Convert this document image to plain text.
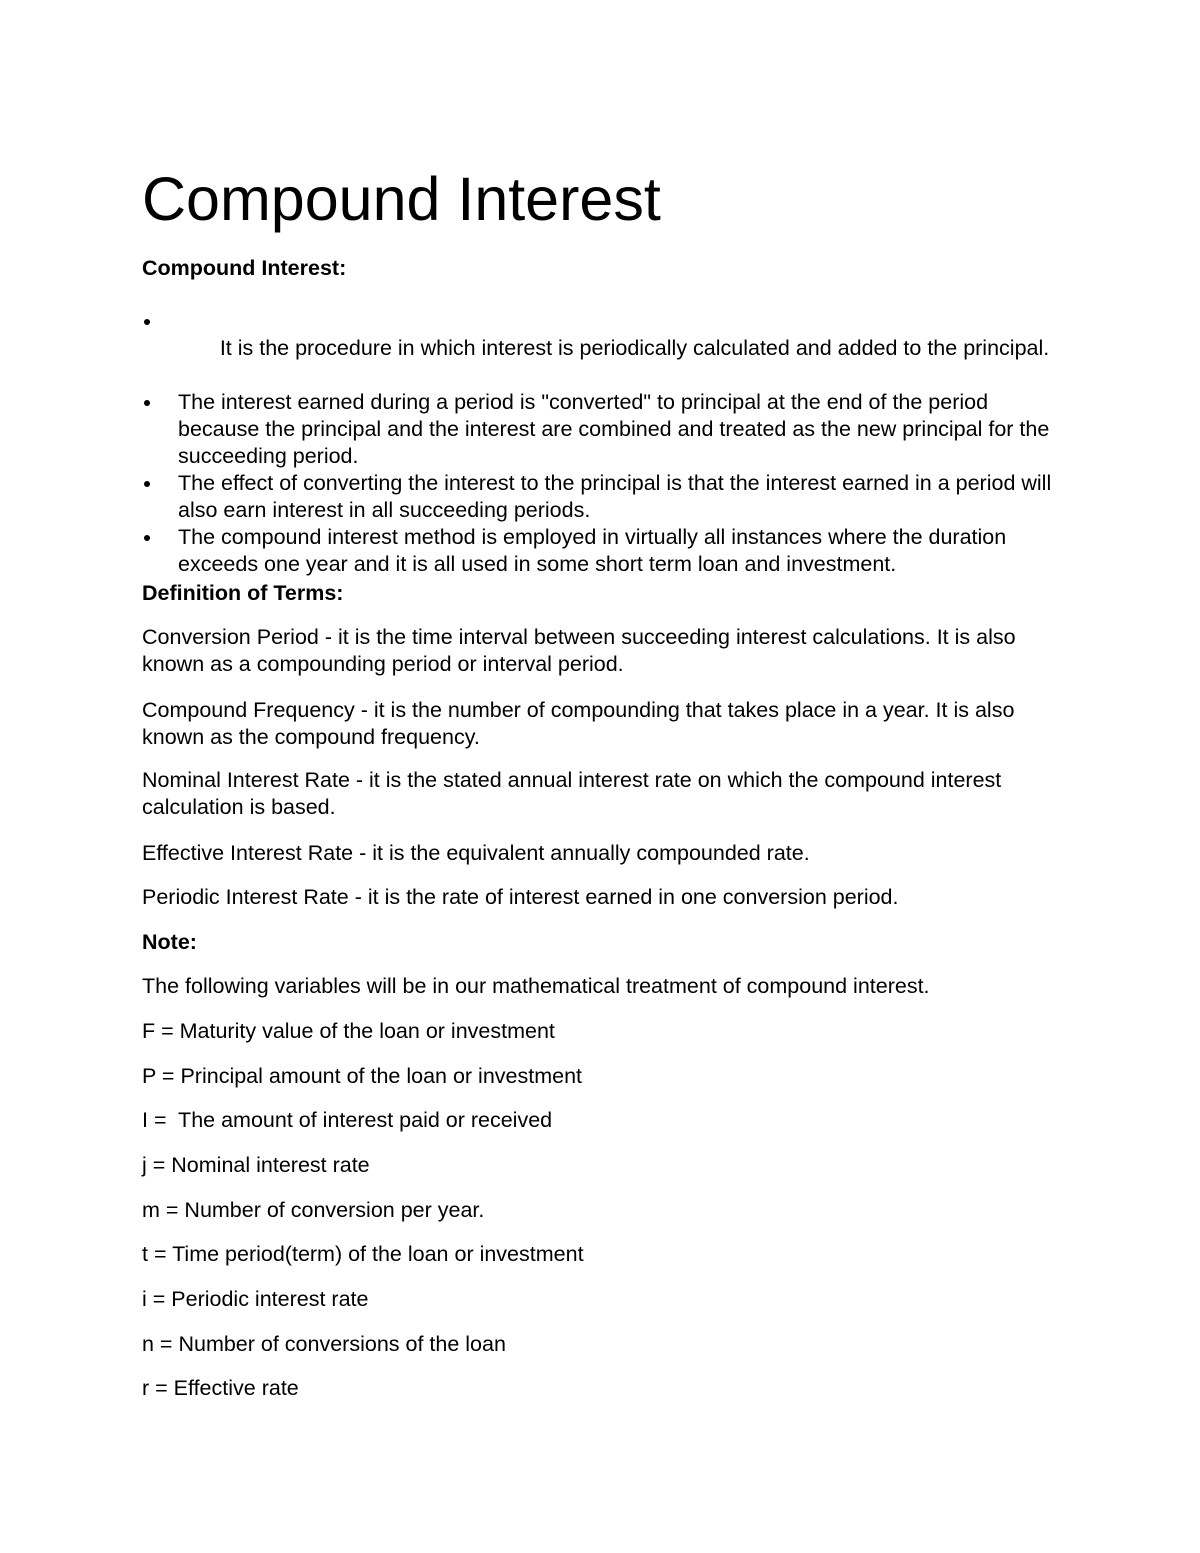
Compound Interest
Compound Interest:

It is the procedure in which interest is periodically calculated and added to the principal.

The interest earned during a period is "converted" to principal at the end of the period because the principal and the interest are combined and treated as the new principal for the succeeding period.
The effect of converting the interest to the principal is that the interest earned in a period will also earn interest in all succeeding periods.
The compound interest method is employed in virtually all instances where the duration exceeds one year and it is all used in some short term loan and investment.
Definition of Terms:

Conversion Period - it is the time interval between succeeding interest calculations. It is also known as a compounding period or interval period.

Compound Frequency - it is the number of compounding that takes place in a year. It is also known as the compound frequency.

Nominal Interest Rate - it is the stated annual interest rate on which the compound interest calculation is based.

Effective Interest Rate - it is the equivalent annually compounded rate.

Periodic Interest Rate - it is the rate of interest earned in one conversion period.

Note:

The following variables will be in our mathematical treatment of compound interest.

F = Maturity value of the loan or investment

P = Principal amount of the loan or investment

I =  The amount of interest paid or received

j = Nominal interest rate

m = Number of conversion per year.

t = Time period(term) of the loan or investment

i = Periodic interest rate

n = Number of conversions of the loan

r = Effective rate
